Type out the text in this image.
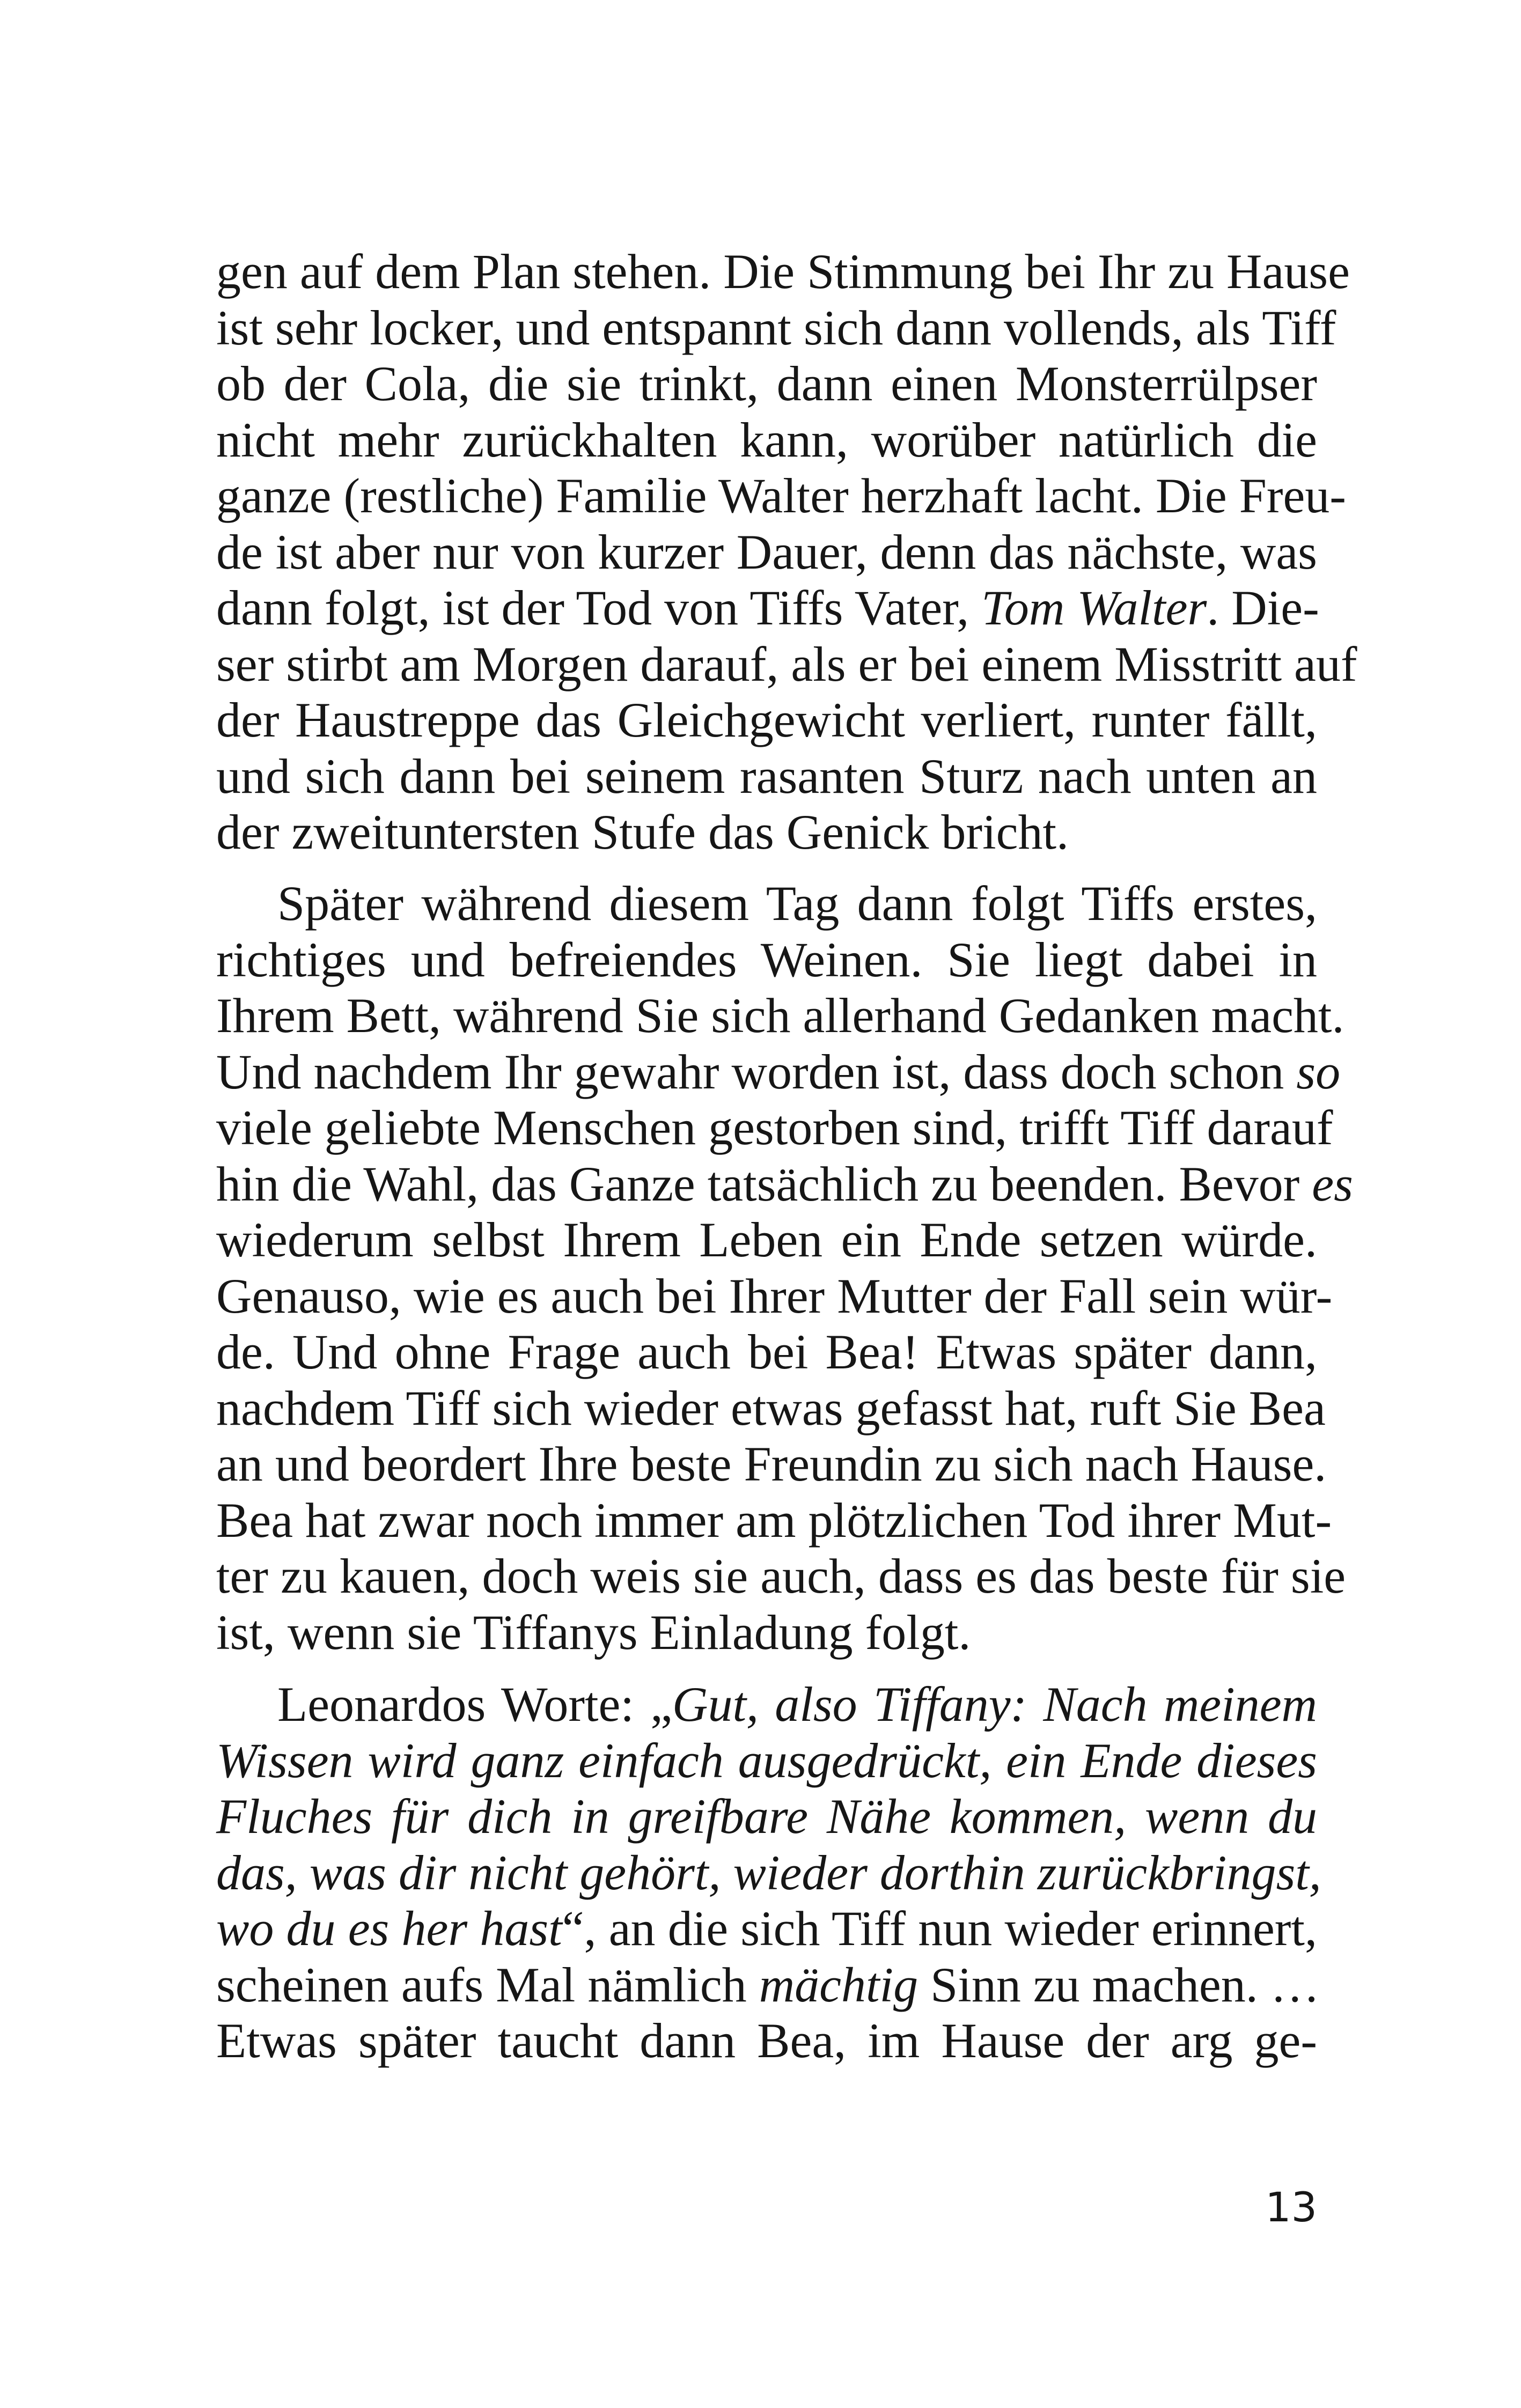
gen auf dem Plan stehen. Die Stimmung bei Ihr zu Hause
ist sehr locker, und entspannt sich dann vollends, als Tiff
ob der Cola, die sie trinkt, dann einen Monsterrülpser
nicht mehr zurückhalten kann, worüber natürlich die
ganze (restliche) Familie Walter herzhaft lacht. Die Freu-
de ist aber nur von kurzer Dauer, denn das nächste, was
dann folgt, ist der Tod von Tiffs Vater, Tom Walter. Die-
ser stirbt am Morgen darauf, als er bei einem Misstritt auf
der Haustreppe das Gleichgewicht verliert, runter fällt,
und sich dann bei seinem rasanten Sturz nach unten an
der zweituntersten Stufe das Genick bricht.
Später während diesem Tag dann folgt Tiffs erstes,
richtiges und befreiendes Weinen. Sie liegt dabei in
Ihrem Bett, während Sie sich allerhand Gedanken macht.
Und nachdem Ihr gewahr worden ist, dass doch schon so
viele geliebte Menschen gestorben sind, trifft Tiff darauf
hin die Wahl, das Ganze tatsächlich zu beenden. Bevor es
wiederum selbst Ihrem Leben ein Ende setzen würde.
Genauso, wie es auch bei Ihrer Mutter der Fall sein wür-
de. Und ohne Frage auch bei Bea! Etwas später dann,
nachdem Tiff sich wieder etwas gefasst hat, ruft Sie Bea
an und beordert Ihre beste Freundin zu sich nach Hause.
Bea hat zwar noch immer am plötzlichen Tod ihrer Mut-
ter zu kauen, doch weis sie auch, dass es das beste für sie
ist, wenn sie Tiffanys Einladung folgt.
Leonardos Worte: „Gut, also Tiffany: Nach meinem
Wissen wird ganz einfach ausgedrückt, ein Ende dieses
Fluches für dich in greifbare Nähe kommen, wenn du
das, was dir nicht gehört, wieder dorthin zurückbringst,
wo du es her hast“, an die sich Tiff nun wieder erinnert,
scheinen aufs Mal nämlich mächtig Sinn zu machen. …
Etwas später taucht dann Bea, im Hause der arg ge-
13
